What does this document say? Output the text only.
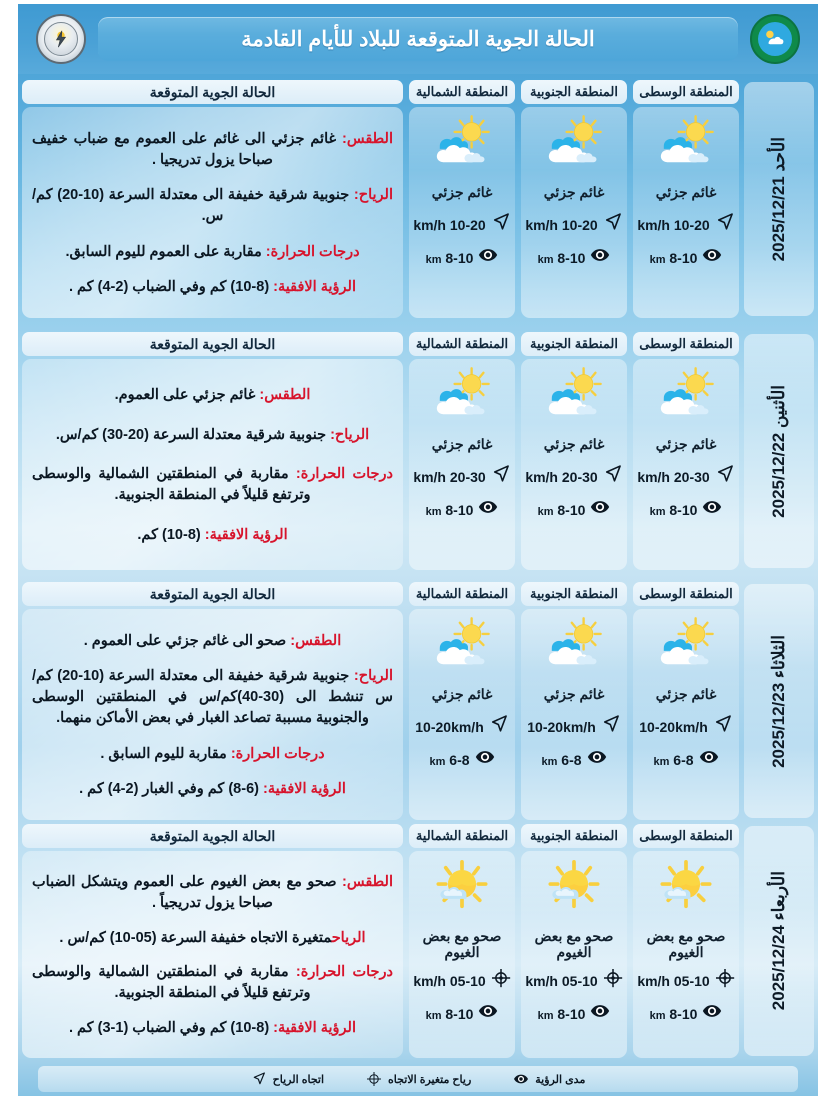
الحالة الجوية المتوقعة للبلاد للأيام القادمة
الأحد 2025/12/21
المنطقة الوسطى
غائم جزئي
10-20 km/h
8-10 km
المنطقة الجنوبية
غائم جزئي
10-20 km/h
8-10 km
المنطقة الشمالية
غائم جزئي
10-20 km/h
8-10 km
الحالة الجوية المتوقعة
الطقس: غائم جزئي الى غائم على العموم مع ضباب خفيف صباحا يزول تدريجيا .
الرياح: جنوبية شرقية خفيفة الى معتدلة السرعة (10-20) كم/س.
درجات الحرارة: مقاربة على العموم لليوم السابق.
الرؤية الافقية: (8-10) كم وفي الضباب (2-4) كم .
الأثنين 2025/12/22
المنطقة الوسطى
غائم جزئي
20-30 km/h
8-10 km
المنطقة الجنوبية
غائم جزئي
20-30 km/h
8-10 km
المنطقة الشمالية
غائم جزئي
20-30 km/h
8-10 km
الحالة الجوية المتوقعة
الطقس: غائم جزئي على العموم.
الرياح: جنوبية شرقية معتدلة السرعة (20-30) كم/س.
درجات الحرارة: مقاربة في المنطقتين الشمالية والوسطى وترتفع قليلاً في المنطقة الجنوبية.
الرؤية الافقية: (8-10) كم.
الثلاثاء 2025/12/23
المنطقة الوسطى
غائم جزئي
10-20km/h
6-8 km
المنطقة الجنوبية
غائم جزئي
10-20km/h
6-8 km
المنطقة الشمالية
غائم جزئي
10-20km/h
6-8 km
الحالة الجوية المتوقعة
الطقس: صحو الى غائم جزئي على العموم .
الرياح: جنوبية شرقية خفيفة الى معتدلة السرعة (10-20) كم/س تنشط الى (30-40)كم/س في المنطقتين الوسطى والجنوبية مسببة تصاعد الغبار في بعض الأماكن منهما.
درجات الحرارة: مقاربة لليوم السابق .
الرؤية الافقية: (6-8) كم وفي الغبار (2-4) كم .
الأربعاء 2025/12/24
المنطقة الوسطى
صحو مع بعض الغيوم
05-10 km/h
8-10 km
المنطقة الجنوبية
صحو مع بعض الغيوم
05-10 km/h
8-10 km
المنطقة الشمالية
صحو مع بعض الغيوم
05-10 km/h
8-10 km
الحالة الجوية المتوقعة
الطقس: صحو مع بعض الغيوم على العموم ويتشكل الضباب صباحا يزول تدريجياً .
الرياحمتغيرة الاتجاه خفيفة السرعة (05-10) كم/س .
درجات الحرارة: مقاربة في المنطقتين الشمالية والوسطى وترتفع قليلاً في المنطقة الجنوبية.
الرؤية الافقية: (8-10) كم وفي الضباب (1-3) كم .
مدى الرؤية
رياح متغيرة الاتجاه
اتجاه الرياح
